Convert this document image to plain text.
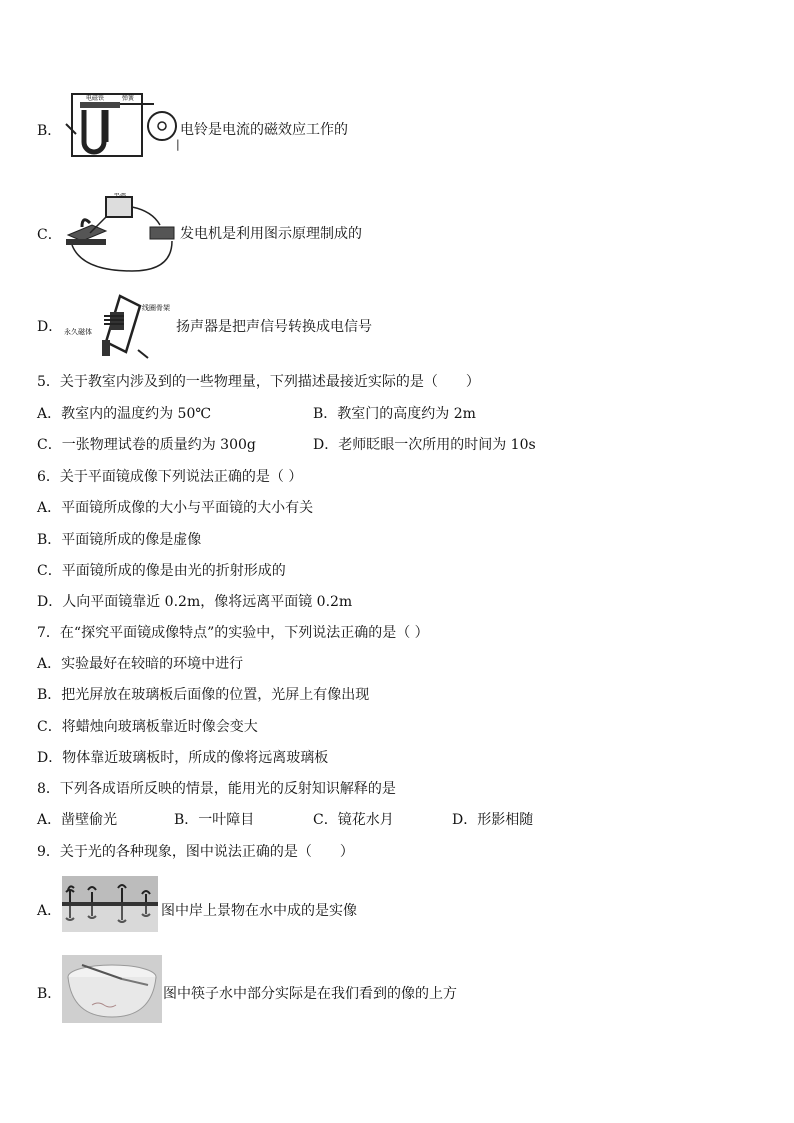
B．
电磁铁	弹簧
电铃是电流的磁效应工作的
|
C．
电源
发电机是利用图示原理制成的
D．
线圈骨架
永久磁体	扬声器是把声信号转换成电信号
5．关于教室内涉及到的一些物理量，下列描述最接近实际的是（　　）
A．教室内的温度约为 50℃	B．教室门的高度约为 2m
C．一张物理试卷的质量约为 300g	D．老师眨眼一次所用的时间为 10s
6．关于平面镜成像下列说法正确的是（ ）
A．平面镜所成像的大小与平面镜的大小有关
B．平面镜所成的像是虚像
C．平面镜所成的像是由光的折射形成的
D．人向平面镜靠近 0.2m，像将远离平面镜 0.2m
7．在“探究平面镜成像特点”的实验中，下列说法正确的是（ ）
A．实验最好在较暗的环境中进行
B．把光屏放在玻璃板后面像的位置，光屏上有像出现
C．将蜡烛向玻璃板靠近时像会变大
D．物体靠近玻璃板时，所成的像将远离玻璃板
8．下列各成语所反映的情景，能用光的反射知识解释的是
A．凿壁偷光	B．一叶障目	C．镜花水月	D．形影相随
9．关于光的各种现象，图中说法正确的是（　　）
A．	图中岸上景物在水中成的是实像
B．	图中筷子水中部分实际是在我们看到的像的上方
